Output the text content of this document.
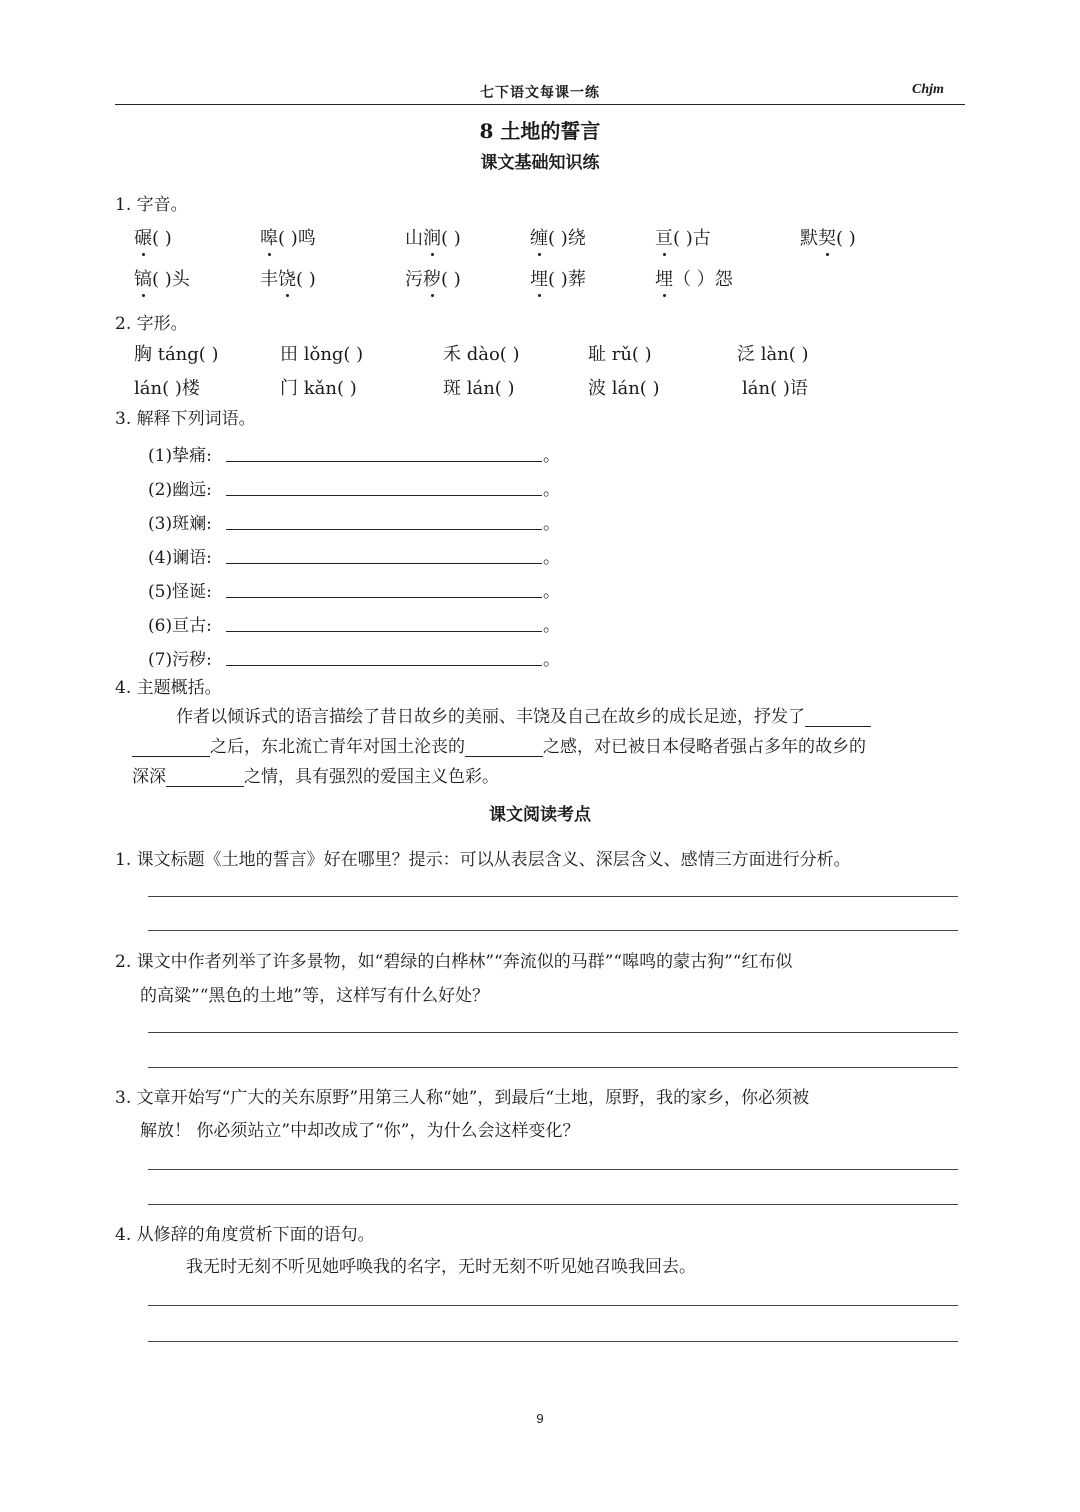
七下语文每课一练	Chjm
8 土地的誓言
课文基础知识练
1. 字音。
碾( )	嗥( )鸣	山涧( )	缠( )绕	亘( )古	默契( )
镐( )头	丰饶( )	污秽( )	埋( )葬	埋（ ）怨
2. 字形。
胸 táng( )	田 lǒng( )	禾 dào( )	耻 rǔ( )	泛 làn( )
lán( )楼	门 kǎn( )	斑 lán( )	波 lán( )	lán( )语
3. 解释下列词语。
(1)挚痛:	。
(2)幽远:	。
(3)斑斓:	。
(4)谰语:	。
(5)怪诞:	。
(6)亘古:	。
(7)污秽:	。
4. 主题概括。
作者以倾诉式的语言描绘了昔日故乡的美丽、丰饶及自己在故乡的成长足迹，抒发了
之后，东北流亡青年对国土沦丧的	之感，对已被日本侵略者强占多年的故乡的
深深	之情，具有强烈的爱国主义色彩。
课文阅读考点
1. 课文标题《土地的誓言》好在哪里？提示：可以从表层含义、深层含义、感情三方面进行分析。
2. 课文中作者列举了许多景物，如“碧绿的白桦林”“奔流似的马群”“嗥鸣的蒙古狗”“红布似
的高粱”“黑色的土地”等，这样写有什么好处？
3. 文章开始写“广大的关东原野”用第三人称“她”，到最后“土地，原野，我的家乡，你必须被
解放！ 你必须站立”中却改成了“你”，为什么会这样变化？
4. 从修辞的角度赏析下面的语句。
我无时无刻不听见她呼唤我的名字，无时无刻不听见她召唤我回去。
9
